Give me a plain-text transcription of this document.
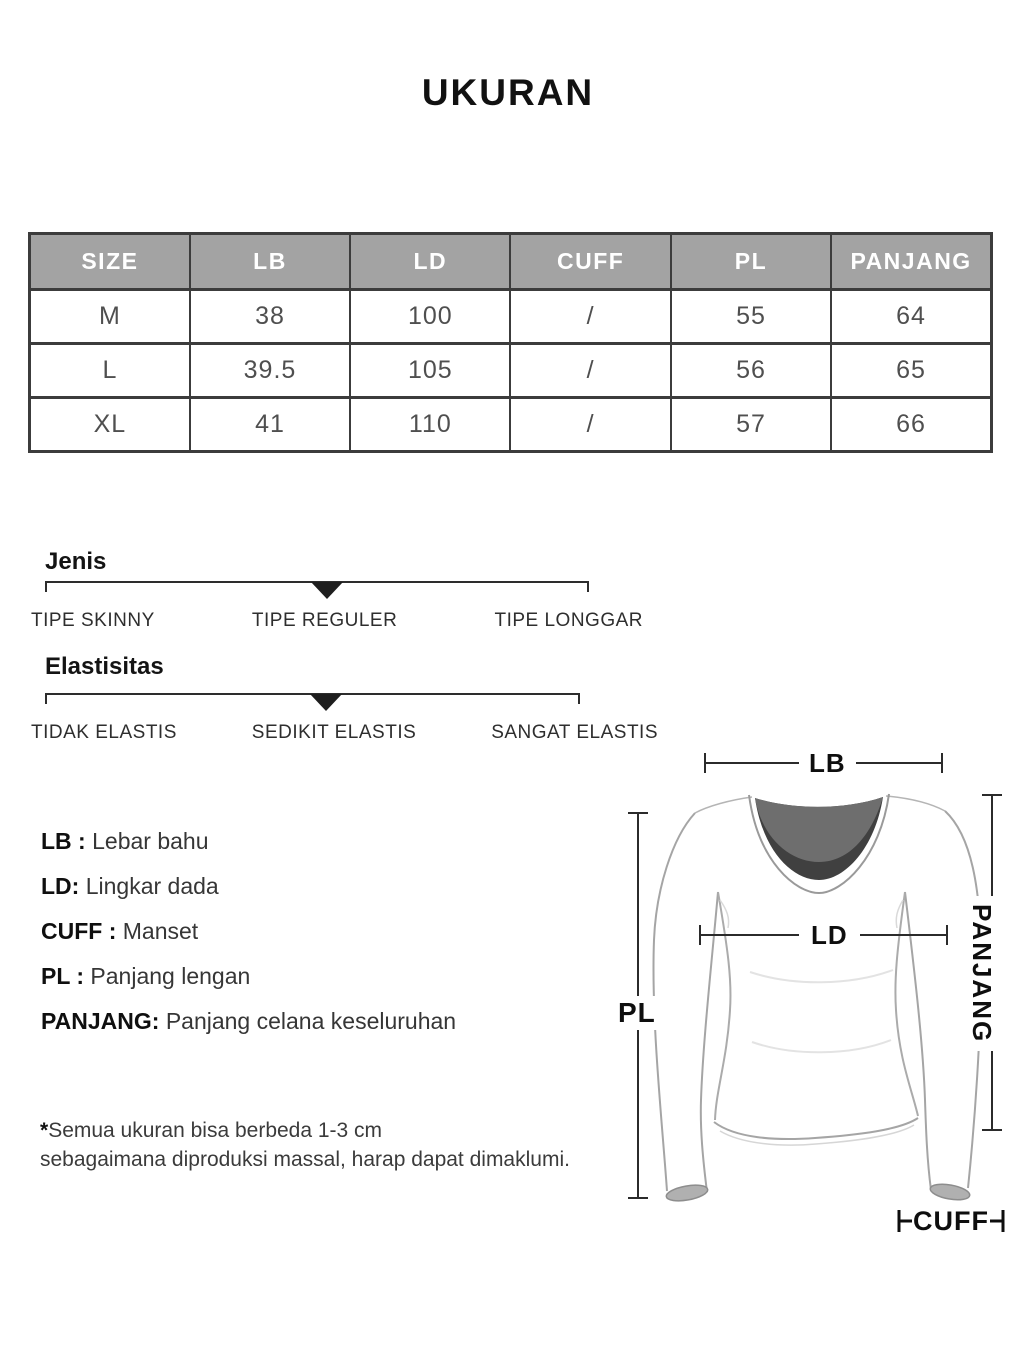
UKURAN
SIZE	LB	LD	CUFF	PL	PANJANG
M	38	100	/	55	64
L	39.5	105	/	56	65
XL	41	110	/	57	66
Jenis
TIPE SKINNY	TIPE REGULER	TIPE LONGGAR
Elastisitas
TIDAK ELASTIS	SEDIKIT ELASTIS	SANGAT ELASTIS
LB : Lebar bahu
LD: Lingkar dada
CUFF : Manset
PL : Panjang lengan
PANJANG: Panjang celana keseluruhan
*Semua ukuran bisa berbeda 1-3 cm
sebagaimana diproduksi massal, harap dapat dimaklumi.
LB
LD
PL	PANJANG
CUFF
